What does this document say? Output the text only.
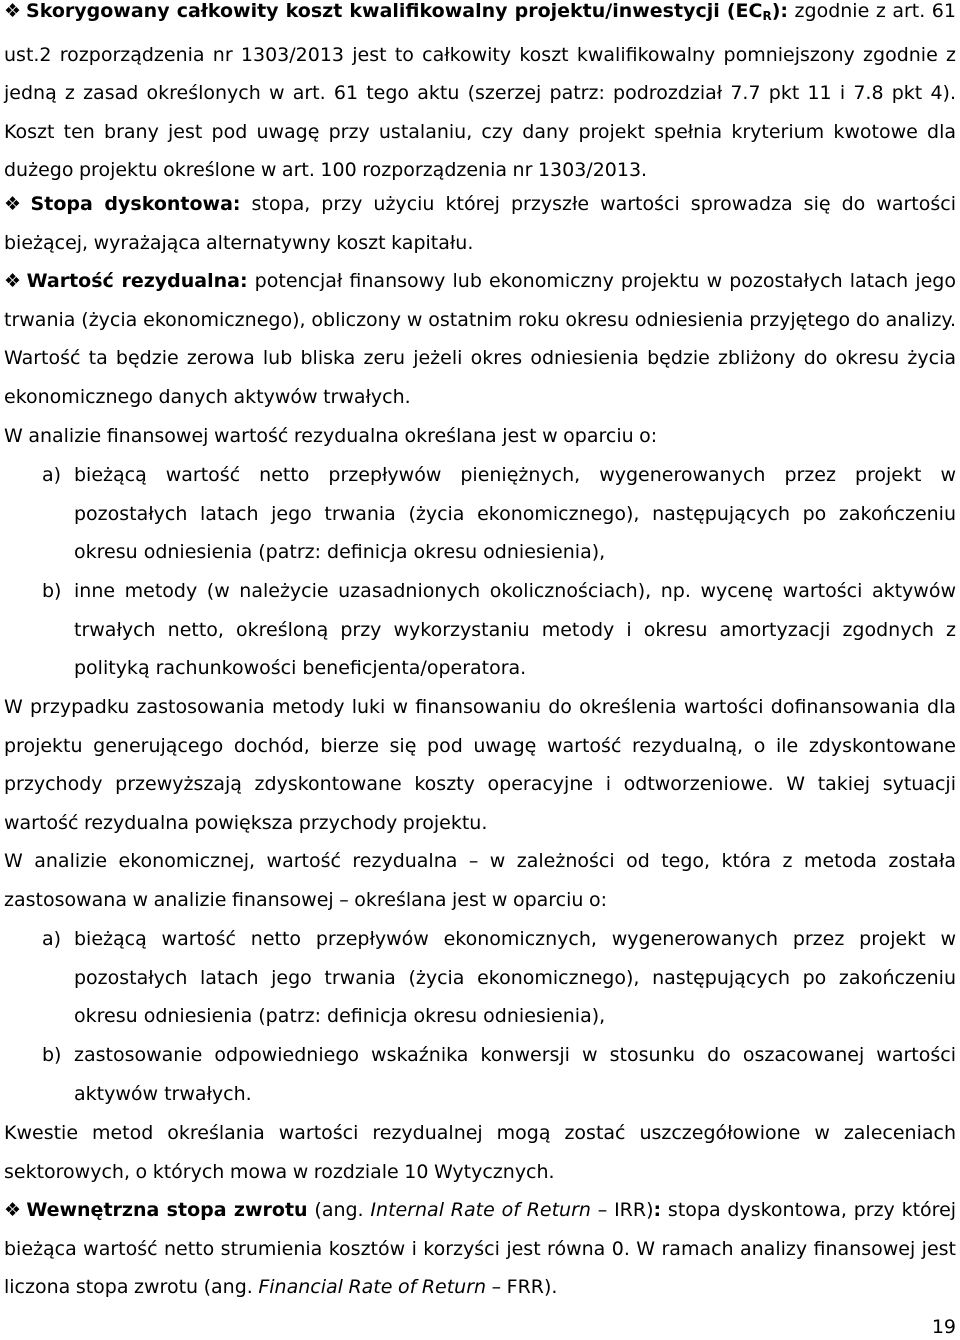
❖ Skorygowany całkowity koszt kwalifikowalny projektu/inwestycji $(EC_R)$: zgodnie z art. 61 ust.2 rozporządzenia nr 1303/2013 jest to całkowity koszt kwalifikowalny pomniejszony zgodnie z jedną z zasad określonych w art. 61 tego aktu (szerzej patrz: podrozdział 7.7 pkt 11 i 7.8 pkt 4). Koszt ten brany jest pod uwagę przy ustalaniu, czy dany projekt spełnia kryterium kwotowe dla dużego projektu określone w art. 100 rozporządzenia nr 1303/2013.
❖ Stopa dyskontowa: stopa, przy użyciu której przyszłe wartości sprowadza się do wartości bieżącej, wyrażająca alternatywny koszt kapitału.
❖ Wartość rezydualna: potencjał finansowy lub ekonomiczny projektu w pozostałych latach jego trwania (życia ekonomicznego), obliczony w ostatnim roku okresu odniesienia przyjętego do analizy. Wartość ta będzie zerowa lub bliska zeru jeżeli okres odniesienia będzie zbliżony do okresu życia ekonomicznego danych aktywów trwałych.
W analizie finansowej wartość rezydualna określana jest w oparciu o:
a) bieżącą wartość netto przepływów pieniężnych, wygenerowanych przez projekt w pozostałych latach jego trwania (życia ekonomicznego), następujących po zakończeniu okresu odniesienia (patrz: definicja okresu odniesienia),
b) inne metody (w należycie uzasadnionych okolicznościach), np. wycenę wartości aktywów trwałych netto, określoną przy wykorzystaniu metody i okresu amortyzacji zgodnych z polityką rachunkowości beneficjenta/operatora.
W przypadku zastosowania metody luki w finansowaniu do określenia wartości dofinansowania dla projektu generującego dochód, bierze się pod uwagę wartość rezydualną, o ile zdyskontowane przychody przewyższają zdyskontowane koszty operacyjne i odtworzeniowe. W takiej sytuacji wartość rezydualna powiększa przychody projektu.
W analizie ekonomicznej, wartość rezydualna – w zależności od tego, która z metoda została zastosowana w analizie finansowej – określana jest w oparciu o:
a) bieżącą wartość netto przepływów ekonomicznych, wygenerowanych przez projekt w pozostałych latach jego trwania (życia ekonomicznego), następujących po zakończeniu okresu odniesienia (patrz: definicja okresu odniesienia),
b) zastosowanie odpowiedniego wskaźnika konwersji w stosunku do oszacowanej wartości aktywów trwałych.
Kwestie metod określania wartości rezydualnej mogą zostać uszczegółowione w zaleceniach sektorowych, o których mowa w rozdziale 10 Wytycznych.
❖ Wewnętrzna stopa zwrotu (ang. Internal Rate of Return – IRR): stopa dyskontowa, przy której bieżąca wartość netto strumienia kosztów i korzyści jest równa 0. W ramach analizy finansowej jest liczona stopa zwrotu (ang. Financial Rate of Return – FRR).
19
